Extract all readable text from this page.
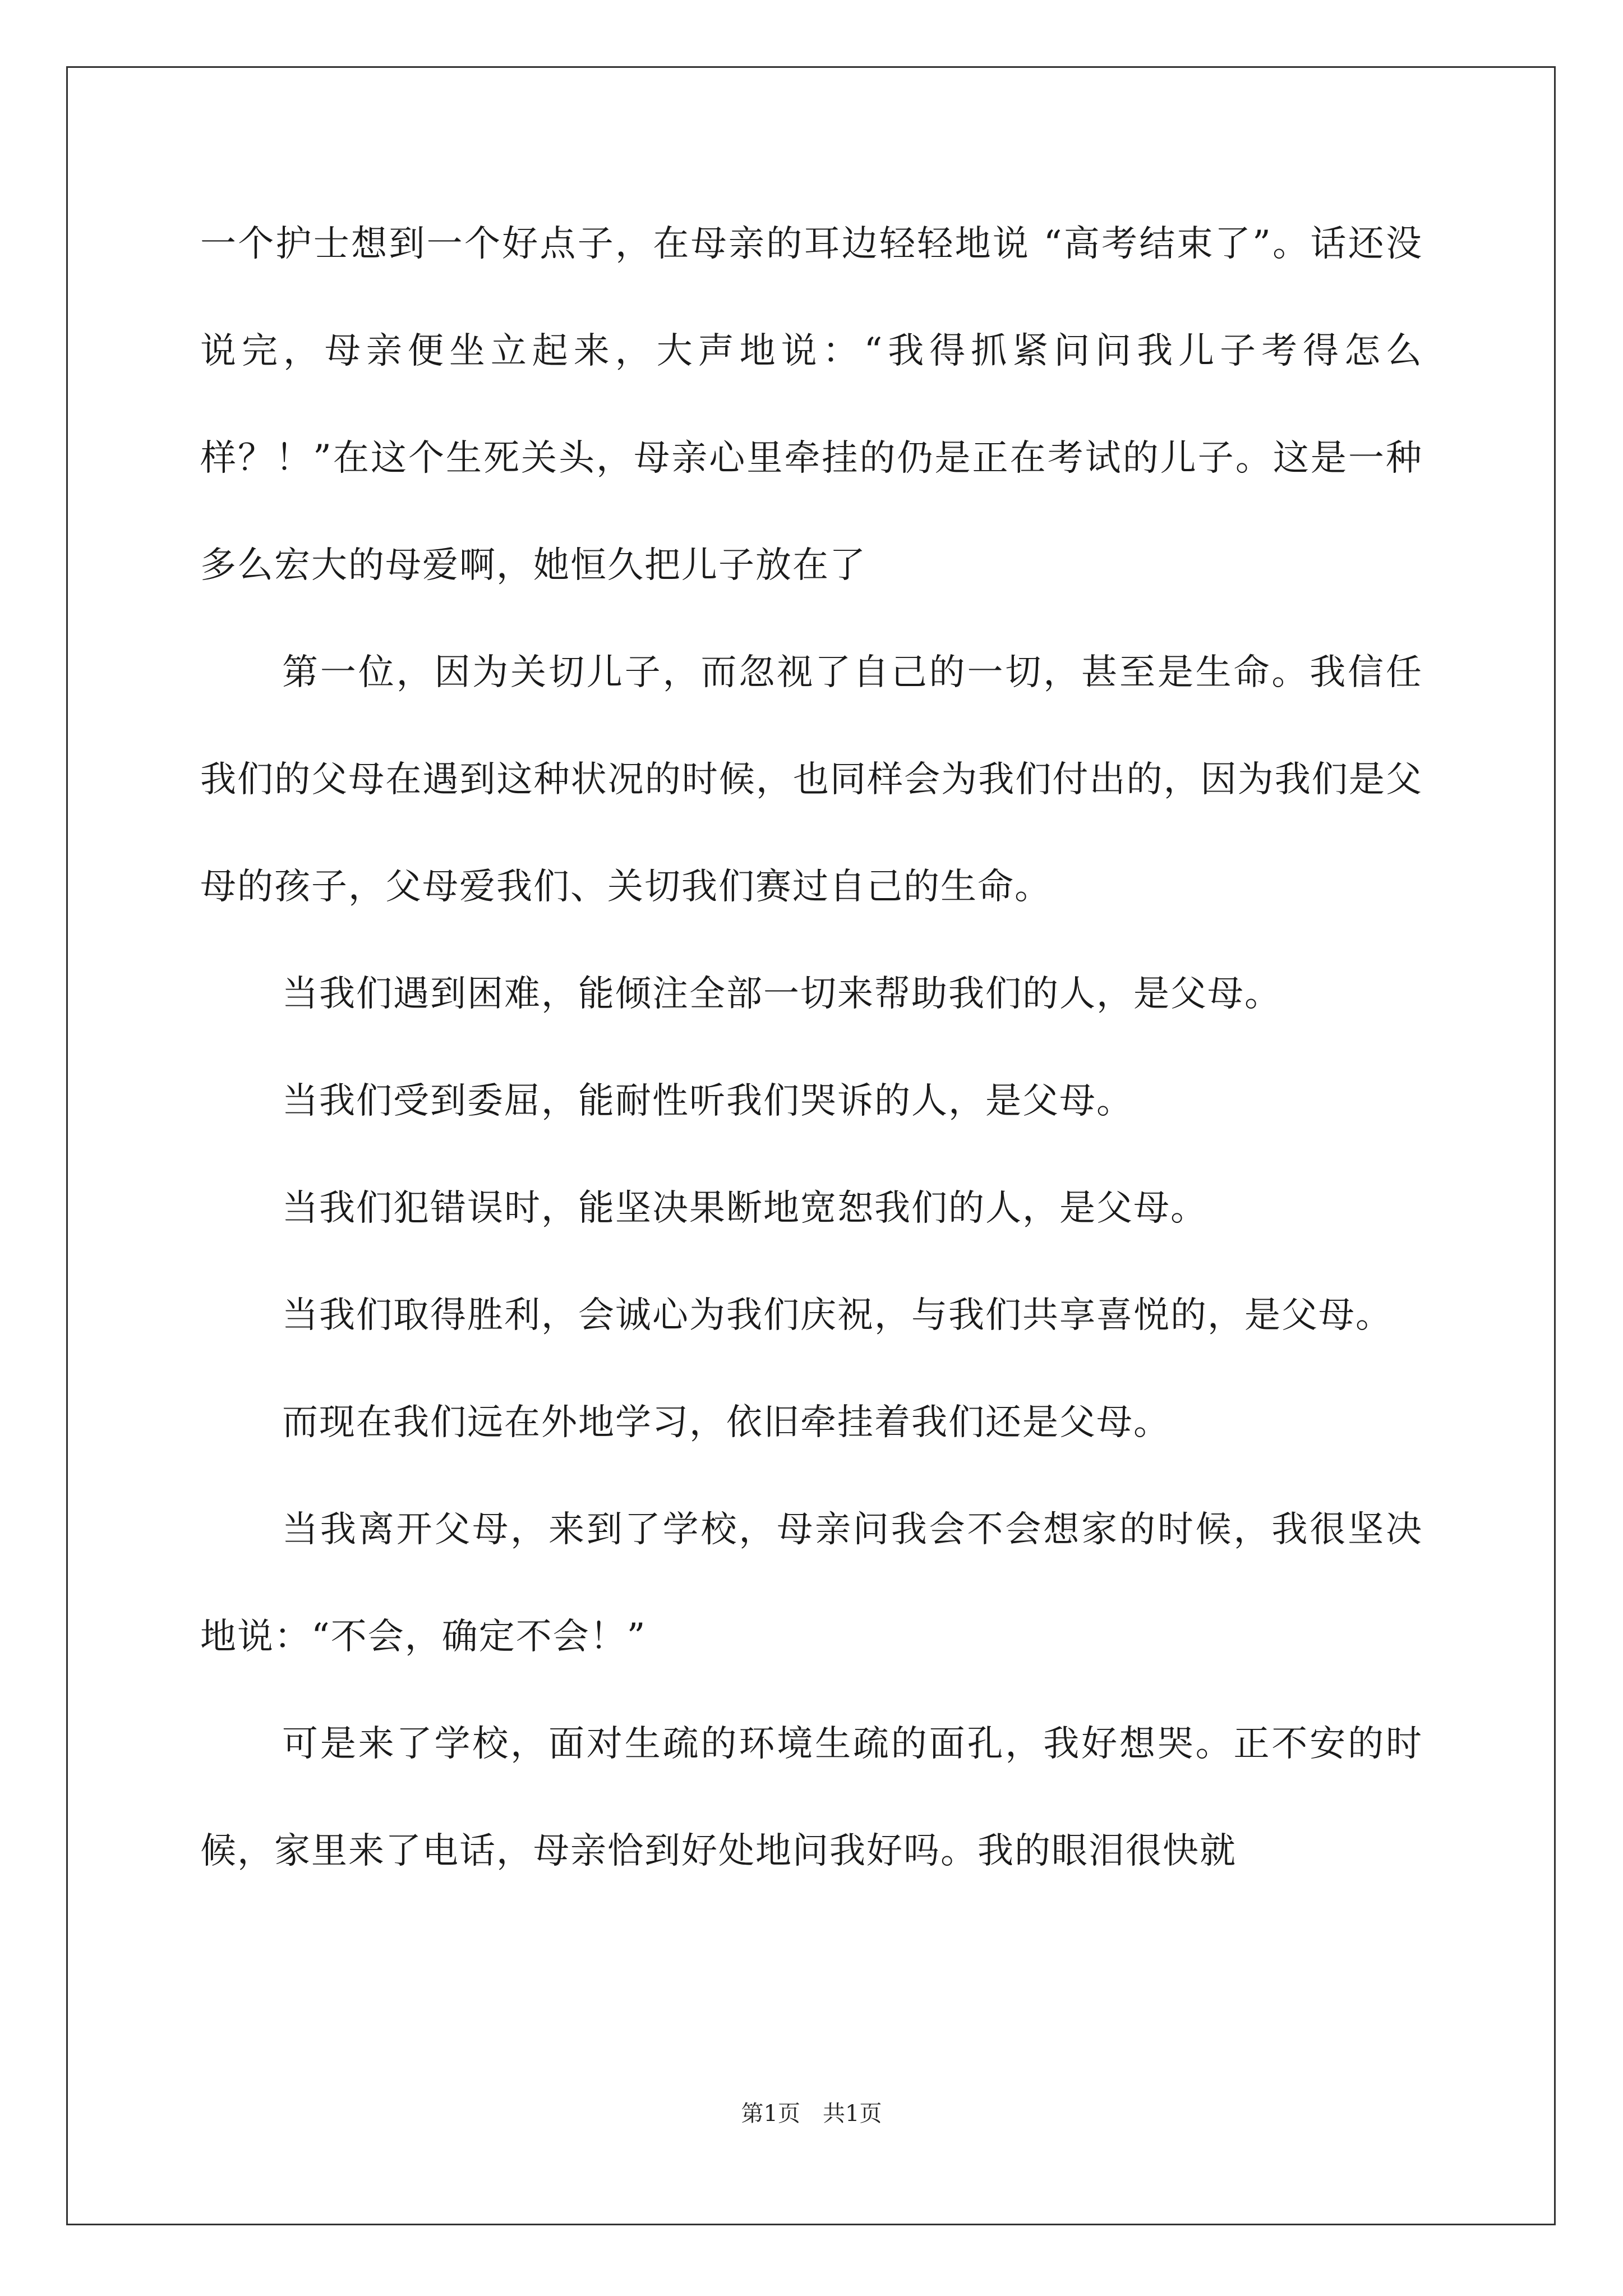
一个护士想到一个好点子，在母亲的耳边轻轻地说 “高考结束了”。话还没说完，母亲便坐立起来，大声地说：“我得抓紧问问我儿子考得怎么样？！”在这个生死关头，母亲心里牵挂的仍是正在考试的儿子。这是一种多么宏大的母爱啊，她恒久把儿子放在了

第一位，因为关切儿子，而忽视了自己的一切，甚至是生命。我信任我们的父母在遇到这种状况的时候，也同样会为我们付出的，因为我们是父母的孩子，父母爱我们、关切我们赛过自己的生命。

当我们遇到困难，能倾注全部一切来帮助我们的人，是父母。

当我们受到委屈，能耐性听我们哭诉的人，是父母。

当我们犯错误时，能坚决果断地宽恕我们的人，是父母。

当我们取得胜利，会诚心为我们庆祝，与我们共享喜悦的，是父母。

而现在我们远在外地学习，依旧牵挂着我们还是父母。

当我离开父母，来到了学校，母亲问我会不会想家的时候，我很坚决地说：“不会，确定不会！”

可是来了学校，面对生疏的环境生疏的面孔，我好想哭。正不安的时候，家里来了电话，母亲恰到好处地问我好吗。我的眼泪很快就

第1页　共1页
